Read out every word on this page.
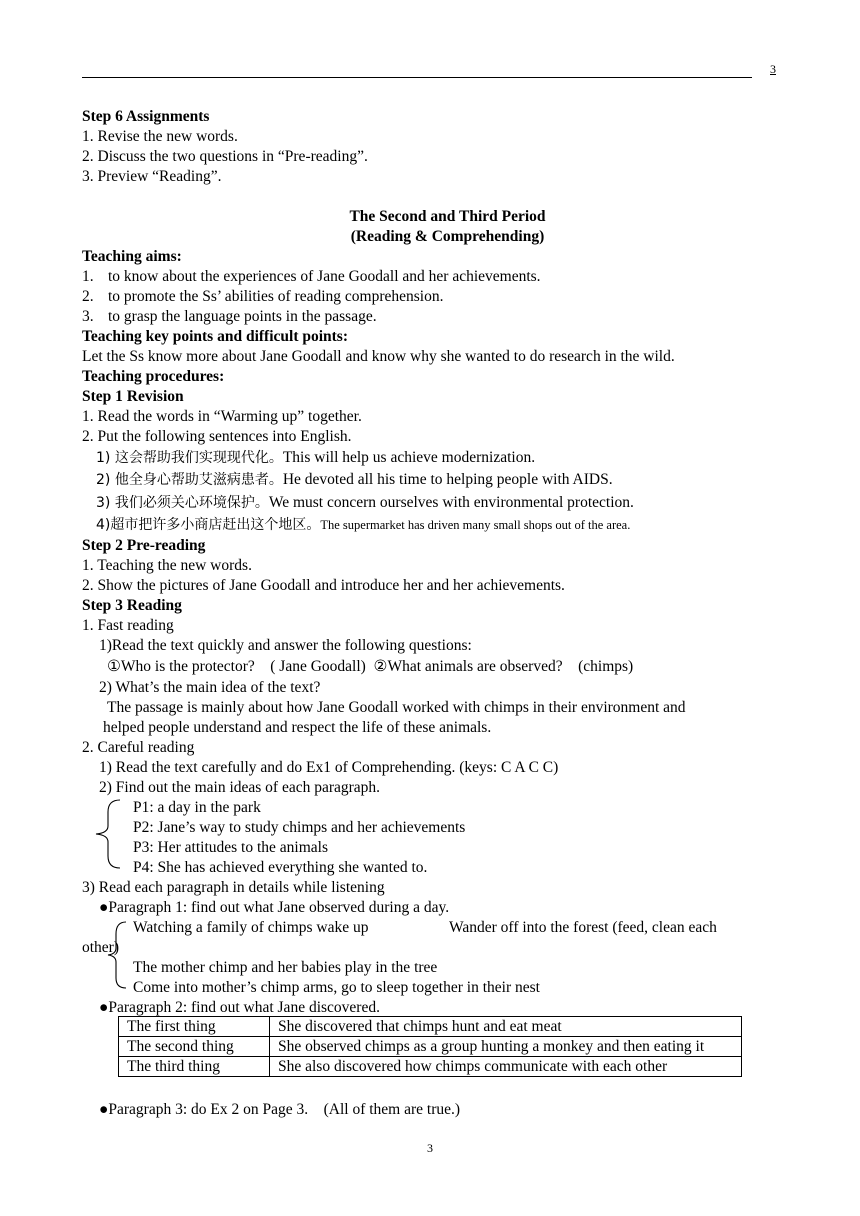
3
Step 6 Assignments
1. Revise the new words.
2. Discuss the two questions in “Pre-reading”.
3. Preview “Reading”.
The Second and Third Period
(Reading & Comprehending)
Teaching aims:
1. to know about the experiences of Jane Goodall and her achievements.
2. to promote the Ss’ abilities of reading comprehension.
3. to grasp the language points in the passage.
Teaching key points and difficult points:
Let the Ss know more about Jane Goodall and know why she wanted to do research in the wild.
Teaching procedures:
Step 1 Revision
1. Read the words in “Warming up” together.
2. Put the following sentences into English.
1) 这会帮助我们实现现代化。This will help us achieve modernization.
2) 他全身心帮助艾滋病患者。He devoted all his time to helping people with AIDS.
3) 我们必须关心环境保护。We must concern ourselves with environmental protection.
4)超市把许多小商店赶出这个地区。The supermarket has driven many small shops out of the area.
Step 2 Pre-reading
1. Teaching the new words.
2. Show the pictures of Jane Goodall and introduce her and her achievements.
Step 3 Reading
1. Fast reading
1)Read the text quickly and answer the following questions:
①Who is the protector?    ( Jane Goodall)  ②What animals are observed?    (chimps)
2) What’s the main idea of the text?
The passage is mainly about how Jane Goodall worked with chimps in their environment and
helped people understand and respect the life of these animals.
2. Careful reading
1) Read the text carefully and do Ex1 of Comprehending. (keys: C A C C)
2) Find out the main ideas of each paragraph.
P1: a day in the park
P2: Jane’s way to study chimps and her achievements
P3: Her attitudes to the animals
P4: She has achieved everything she wanted to.
3) Read each paragraph in details while listening
●Paragraph 1: find out what Jane observed during a day.
Watching a family of chimps wake up	Wander off into the forest (feed, clean each
other)
The mother chimp and her babies play in the tree
Come into mother’s chimp arms, go to sleep together in their nest
●Paragraph 2: find out what Jane discovered.
The first thing	She discovered that chimps hunt and eat meat
The second thing	She observed chimps as a group hunting a monkey and then eating it
The third thing	She also discovered how chimps communicate with each other
●Paragraph 3: do Ex 2 on Page 3.    (All of them are true.)
3
